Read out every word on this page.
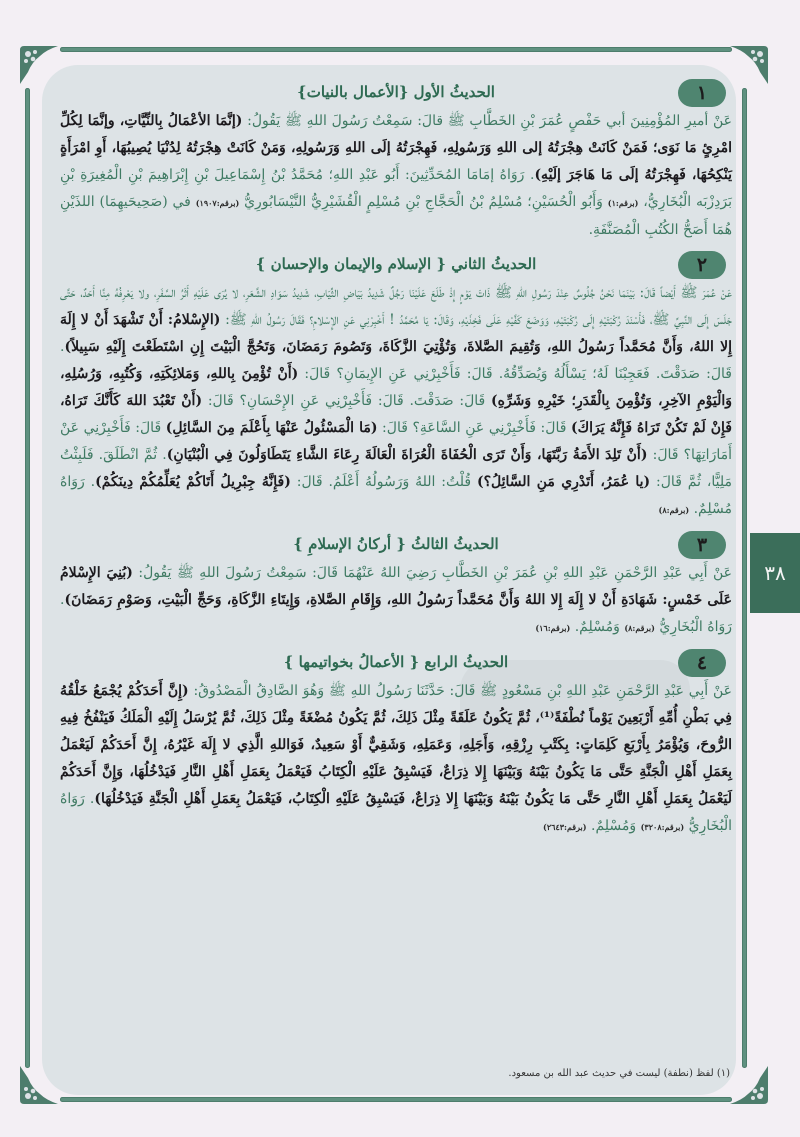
١
الحديثُ الأول {الأعمال بالنيات}

عَنْ أميرِ المُؤْمِنِينَ أبي حَفْصٍ عُمَرَ بْنِ الخَطَّابِ ﷺ قالَ: سَمِعْتُ رَسُولَ اللهِ ﷺ يَقُولُ: (إنَّمَا الأعْمَالُ بِالنِّيَّاتِ، وإنَّمَا لِكُلِّ امْرِئٍ مَا نَوَى؛ فَمَنْ كَانَتْ هِجْرَتُهُ إلى اللهِ وَرَسُولِهِ، فَهِجْرَتُهُ إلَى اللهِ وَرَسُولِهِ، وَمَنْ كَانَتْ هِجْرَتُهُ لِدُنْيَا يُصِيبُهَا، أَوِ امْرَأَةٍ يَنْكِحُهَا، فَهِجْرَتُهُ إلَى مَا هَاجَرَ إلَيْهِ). رَوَاهُ إمَامَا المُحَدِّثِينَ: أَبُو عَبْدِ اللهِ؛ مُحَمَّدُ بْنُ إِسْمَاعِيلَ بْنِ إِبْرَاهِيمَ بْنِ الْمُغِيرَةِ بْنِ بَرَدِزْبَه الْبُخَارِيُّ، (برقم:١) وَأَبُو الْحُسَيْنِ؛ مُسْلِمُ بْنُ الْحَجَّاجِ بْنِ مُسْلِمٍ الْقُشَيْرِيُّ النَّيْسَابُورِيُّ (برقم:١٩٠٧) في (صَحِيحَيهِمَا) اللذَيْنِ هُمَا أَصَحُّ الكُتُبِ الْمُصَنَّفَةِ.

٢
الحديثُ الثاني { الإسلام والإيمان والإحسان }

عَنْ عُمَرَ ﷺ أَيْضاً قَالَ: بَيْنَمَا نَحْنُ جُلُوسٌ عِنْدَ رَسُولِ اللهِ ﷺ ذَاتَ يَوْمٍ إِذْ طَلَعَ عَلَيْنَا رَجُلٌ شَدِيدُ بَيَاضِ الثِّيَابِ، شَدِيدُ سَوَادِ الشَّعَرِ، لا يُرَى عَلَيْهِ أَثَرُ السَّفَرِ، ولا يَعْرِفُهُ مِنَّا أَحَدٌ، حَتَّى جَلَسَ إِلَى النَّبِيِّ ﷺ، فَأَسْنَدَ رُكْبَتَيْهِ إِلَى رُكْبَتَيْهِ، وَوَضَعَ كَفَّيْهِ عَلَى فَخِذَيْهِ، وَقَالَ: يَا مُحَمَّدُ ! أَخْبِرْنِي عَنِ الإِسْلامِ؟ فَقَالَ رَسُولُ اللهِ ﷺ: (الإِسْلامُ: أَنْ تَشْهَدَ أَنْ لا إِلَهَ إِلا اللهُ، وَأَنَّ مُحَمَّداً رَسُولُ اللهِ، وَتُقِيمَ الصَّلاةَ، وَتُؤْتِيَ الزَّكَاةَ، وَتَصُومَ رَمَضَانَ، وَتَحُجَّ الْبَيْتَ إِنِ اسْتَطَعْتَ إِلَيْهِ سَبِيلاً). قَالَ: صَدَقْتَ. فَعَجِبْنَا لَهُ؛ يَسْأَلُهُ وَيُصَدِّقُهُ. قَالَ: فَأَخْبِرْنِي عَنِ الإِيمَانِ؟ قَالَ: (أَنْ تُؤْمِنَ بِاللهِ، وَمَلائِكَتِهِ، وَكُتُبِهِ، وَرُسُلِهِ، وَالْيَوْمِ الآخِرِ، وَتُؤْمِنَ بِالْقَدَرِ؛ خَيْرِهِ وَشَرِّهِ) قَالَ: صَدَقْتَ. قَالَ: فَأَخْبِرْنِي عَنِ الإِحْسَانِ؟ قَالَ: (أَنْ تَعْبُدَ اللهَ كَأَنَّكَ تَرَاهُ، فَإِنْ لَمْ تَكُنْ تَرَاهُ فَإِنَّهُ يَرَاكَ) قَالَ: فَأَخْبِرْنِي عَنِ السَّاعَةِ؟ قَالَ: (مَا الْمَسْئُولُ عَنْهَا بِأَعْلَمَ مِنَ السَّائِلِ) قَالَ: فَأَخْبِرْنِي عَنْ أَمَارَاتِهَا؟ قَالَ: (أَنْ تَلِدَ الأَمَةُ رَبَّتَهَا، وَأَنْ تَرَى الْحُفَاةَ الْعُرَاةَ الْعَالَةَ رِعَاءَ الشَّاءِ يَتَطَاوَلُونَ فِي الْبُنْيَانِ). ثُمَّ انْطَلَقَ. فَلَبِثْتُ مَلِيًّا، ثُمَّ قَالَ: (يا عُمَرُ، أَتَدْرِي مَنِ السَّائِلُ؟) قُلْتُ: اللهُ وَرَسُولُهُ أَعْلَمُ. قَالَ: (فَإِنَّهُ جِبْرِيلُ أَتَاكُمْ يُعَلِّمُكُمْ دِينَكُمْ). رَوَاهُ مُسْلِمٌ. (برقم:٨)

٣
الحديثُ الثالثُ { أركانُ الإسلامِ }

عَنْ أَبِي عَبْدِ الرَّحْمَنِ عَبْدِ اللهِ بْنِ عُمَرَ بْنِ الخَطَّابِ رَضِيَ اللهُ عَنْهُمَا قَالَ: سَمِعْتُ رَسُولَ اللهِ ﷺ يَقُولُ: (بُنِيَ الإِسْلامُ عَلَى خَمْسٍ: شَهَادَةِ أَنْ لا إِلَهَ إِلا اللهُ وَأَنَّ مُحَمَّداً رَسُولُ اللهِ، وَإِقَامِ الصَّلاةِ، وَإِيتَاءِ الزَّكَاةِ، وَحَجِّ الْبَيْتِ، وَصَوْمِ رَمَضَانَ). رَوَاهُ الْبُخَارِيُّ (برقم:٨) وَمُسْلِمٌ. (برقم:١٦)

٤
الحديثُ الرابع { الأعمالُ بخواتيمها }

عَنْ أَبِي عَبْدِ الرَّحْمَنِ عَبْدِ اللهِ بْنِ مَسْعُودٍ ﷺ قَالَ: حَدَّثَنَا رَسُولُ اللهِ ﷺ وَهُوَ الصَّادِقُ الْمَصْدُوقُ: (إِنَّ أَحَدَكُمْ يُجْمَعُ خَلْقُهُ فِي بَطْنِ أُمِّهِ أَرْبَعِينَ يَوْماً نُطْفَةً⁽¹⁾، ثُمَّ يَكُونُ عَلَقَةً مِثْلَ ذَلِكَ، ثُمَّ يَكُونُ مُضْغَةً مِثْلَ ذَلِكَ، ثُمَّ يُرْسَلُ إِلَيْهِ الْمَلَكُ فَيَنْفُخُ فِيهِ الرُّوحَ، وَيُؤْمَرُ بِأَرْبَعِ كَلِمَاتٍ: بِكَتْبِ رِزْقِهِ، وَأَجَلِهِ، وَعَمَلِهِ، وَشَقِيٌّ أَوْ سَعِيدٌ، فَوَاللهِ الَّذِي لا إِلَهَ غَيْرُهُ، إِنَّ أَحَدَكُمْ لَيَعْمَلُ بِعَمَلِ أَهْلِ الْجَنَّةِ حَتَّى مَا يَكُونُ بَيْنَهُ وَبَيْنَهَا إِلا ذِرَاعٌ، فَيَسْبِقُ عَلَيْهِ الْكِتَابُ فَيَعْمَلُ بِعَمَلِ أَهْلِ النَّارِ فَيَدْخُلُهَا، وَإِنَّ أَحَدَكُمْ لَيَعْمَلُ بِعَمَلِ أَهْلِ النَّارِ حَتَّى مَا يَكُونُ بَيْنَهُ وَبَيْنَهَا إِلا ذِرَاعٌ، فَيَسْبِقُ عَلَيْهِ الْكِتَابُ، فَيَعْمَلُ بِعَمَلِ أَهْلِ الْجَنَّةِ فَيَدْخُلُهَا). رَوَاهُ الْبُخَارِيُّ (برقم:٣٢٠٨) وَمُسْلِمٌ. (برقم:٢٦٤٣)

(١) لفظ (نطفة) ليست في حديث عبد الله بن مسعود.
٣٨
